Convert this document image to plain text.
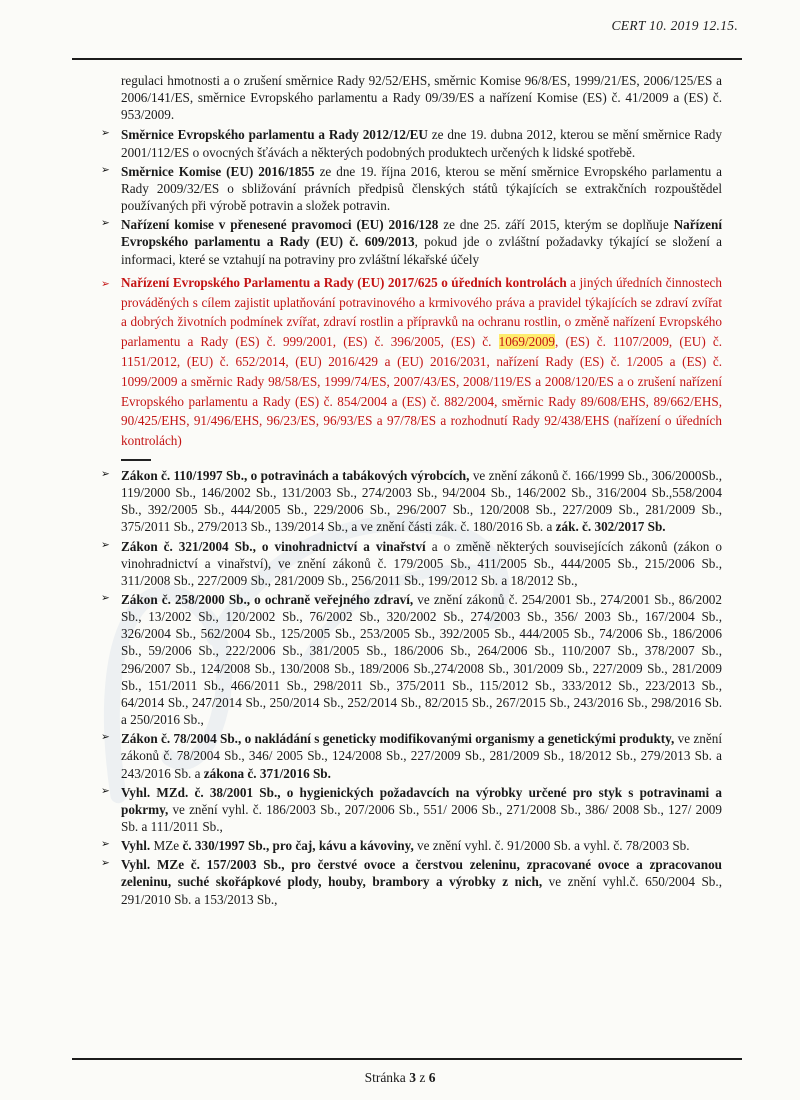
CERT 10. 2019 12.15.

regulaci hmotnosti a o zrušení směrnice Rady 92/52/EHS, směrnic Komise 96/8/ES, 1999/21/ES, 2006/125/ES a 2006/141/ES, směrnice Evropského parlamentu a Rady 09/39/ES a nařízení Komise (ES) č. 41/2009 a (ES) č. 953/2009.

➢ Směrnice Evropského parlamentu a Rady 2012/12/EU ze dne 19. dubna 2012, kterou se mění směrnice Rady 2001/112/ES o ovocných šťávách a některých podobných produktech určených k lidské spotřebě.
➢ Směrnice Komise (EU) 2016/1855 ze dne 19. října 2016, kterou se mění směrnice Evropského parlamentu a Rady 2009/32/ES o sbližování právních předpisů členských států týkajících se extrakčních rozpouštědel používaných při výrobě potravin a složek potravin.
➢ Nařízení komise v přenesené pravomoci (EU) 2016/128 ze dne 25. září 2015, kterým se doplňuje Nařízení Evropského parlamentu a Rady (EU) č. 609/2013, pokud jde o zvláštní požadavky týkající se složení a informaci, které se vztahují na potraviny pro zvláštní lékařské účely
➢ Nařízení Evropského Parlamentu a Rady (EU) 2017/625 o úředních kontrolách a jiných úředních činnostech prováděných s cílem zajistit uplatňování potravinového a krmivového práva a pravidel týkajících se zdraví zvířat a dobrých životních podmínek zvířat, zdraví rostlin a přípravků na ochranu rostlin, o změně nařízení Evropského parlamentu a Rady (ES) č. 999/2001, (ES) č. 396/2005, (ES) č. 1069/2009, (ES) č. 1107/2009, (EU) č. 1151/2012, (EU) č. 652/2014, (EU) 2016/429 a (EU) 2016/2031, nařízení Rady (ES) č. 1/2005 a (ES) č. 1099/2009 a směrnic Rady 98/58/ES, 1999/74/ES, 2007/43/ES, 2008/119/ES a 2008/120/ES a o zrušení nařízení Evropského parlamentu a Rady (ES) č. 854/2004 a (ES) č. 882/2004, směrnic Rady 89/608/EHS, 89/662/EHS, 90/425/EHS, 91/496/EHS, 96/23/ES, 96/93/ES a 97/78/ES a rozhodnutí Rady 92/438/EHS (nařízení o úředních kontrolách)
➢ Zákon č. 110/1997 Sb., o potravinách a tabákových výrobcích, ve znění zákonů č. 166/1999 Sb., 306/2000Sb., 119/2000 Sb., 146/2002 Sb., 131/2003 Sb., 274/2003 Sb., 94/2004 Sb., 146/2002 Sb., 316/2004 Sb.,558/2004 Sb., 392/2005 Sb., 444/2005 Sb., 229/2006 Sb., 296/2007 Sb., 120/2008 Sb., 227/2009 Sb., 281/2009 Sb., 375/2011 Sb., 279/2013 Sb., 139/2014 Sb., a ve znění části zák. č. 180/2016 Sb. a zák. č. 302/2017 Sb.
➢ Zákon č. 321/2004 Sb., o vinohradnictví a vinařství a o změně některých souvisejících zákonů (zákon o vinohradnictví a vinařství), ve znění zákonů č. 179/2005 Sb., 411/2005 Sb., 444/2005 Sb., 215/2006 Sb., 311/2008 Sb., 227/2009 Sb., 281/2009 Sb., 256/2011 Sb., 199/2012 Sb. a 18/2012 Sb.,
➢ Zákon č. 258/2000 Sb., o ochraně veřejného zdraví, ve znění zákonů č. 254/2001 Sb., 274/2001 Sb., 86/2002 Sb., 13/2002 Sb., 120/2002 Sb., 76/2002 Sb., 320/2002 Sb., 274/2003 Sb., 356/ 2003 Sb., 167/2004 Sb., 326/2004 Sb., 562/2004 Sb., 125/2005 Sb., 253/2005 Sb., 392/2005 Sb., 444/2005 Sb., 74/2006 Sb., 186/2006 Sb., 59/2006 Sb., 222/2006 Sb., 381/2005 Sb., 186/2006 Sb., 264/2006 Sb., 110/2007 Sb., 378/2007 Sb., 296/2007 Sb., 124/2008 Sb., 130/2008 Sb., 189/2006 Sb.,274/2008 Sb., 301/2009 Sb., 227/2009 Sb., 281/2009 Sb., 151/2011 Sb., 466/2011 Sb., 298/2011 Sb., 375/2011 Sb., 115/2012 Sb., 333/2012 Sb., 223/2013 Sb., 64/2014 Sb., 247/2014 Sb., 250/2014 Sb., 252/2014 Sb., 82/2015 Sb., 267/2015 Sb., 243/2016 Sb., 298/2016 Sb. a 250/2016 Sb.,
➢ Zákon č. 78/2004 Sb., o nakládání s geneticky modifikovanými organismy a genetickými produkty, ve znění zákonů č. 78/2004 Sb., 346/ 2005 Sb., 124/2008 Sb., 227/2009 Sb., 281/2009 Sb., 18/2012 Sb., 279/2013 Sb. a 243/2016 Sb. a zákona č. 371/2016 Sb.
➢ Vyhl. MZd. č. 38/2001 Sb., o hygienických požadavcích na výrobky určené pro styk s potravinami a pokrmy, ve znění vyhl. č. 186/2003 Sb., 207/2006 Sb., 551/ 2006 Sb., 271/2008 Sb., 386/ 2008 Sb., 127/ 2009 Sb. a 111/2011 Sb.,
➢ Vyhl. MZe č. 330/1997 Sb., pro čaj, kávu a kávoviny, ve znění vyhl. č. 91/2000 Sb. a vyhl. č. 78/2003 Sb.
➢ Vyhl. MZe č. 157/2003 Sb., pro čerstvé ovoce a čerstvou zeleninu, zpracované ovoce a zpracovanou zeleninu, suché skořápkové plody, houby, brambory a výrobky z nich, ve znění vyhl.č. 650/2004 Sb., 291/2010 Sb. a 153/2013 Sb.,
Stránka 3 z 6
